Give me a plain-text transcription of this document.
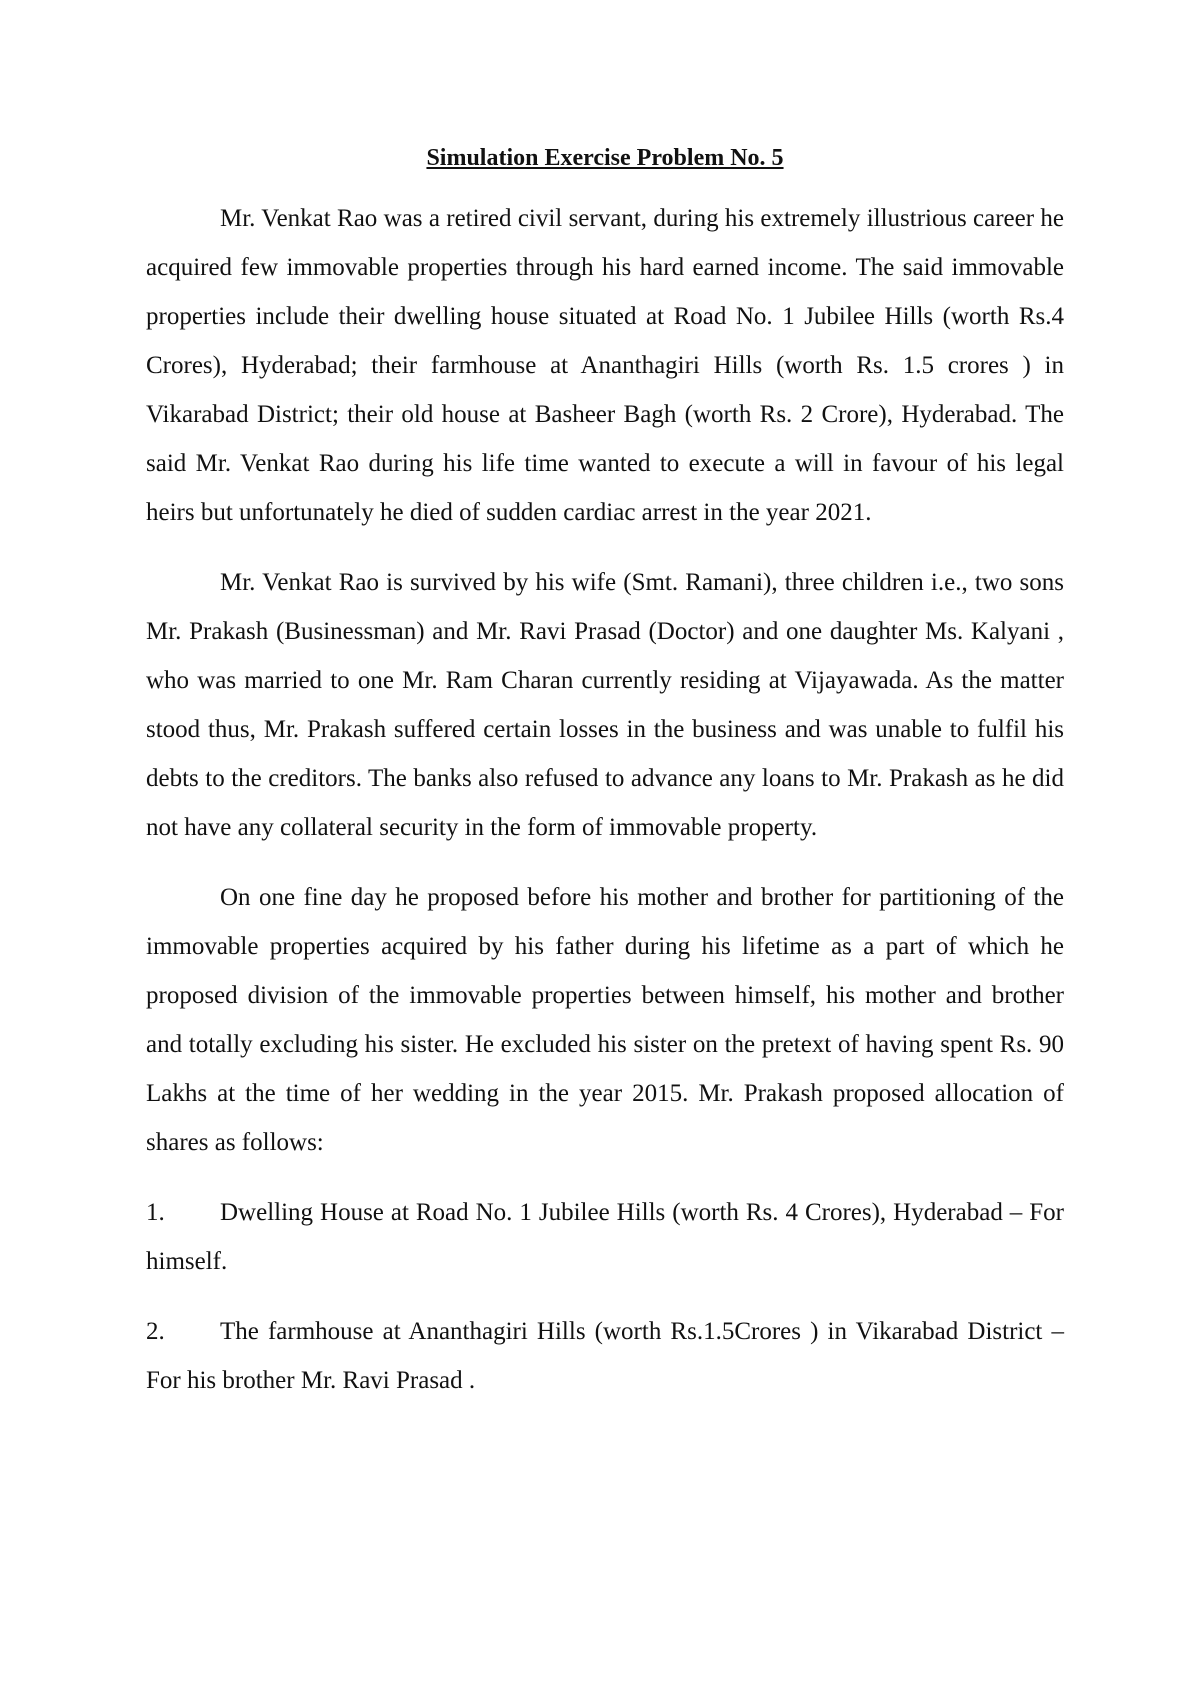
Simulation Exercise Problem No. 5

Mr. Venkat Rao was a retired civil servant, during his extremely illustrious career he acquired few immovable properties through his hard earned income. The said immovable properties include their dwelling house situated at Road No. 1 Jubilee Hills (worth Rs.4 Crores), Hyderabad; their farmhouse at Ananthagiri Hills (worth Rs. 1.5 crores ) in Vikarabad District; their old house at Basheer Bagh (worth Rs. 2 Crore), Hyderabad. The said Mr. Venkat Rao during his life time wanted to execute a will in favour of his legal heirs but unfortunately he died of sudden cardiac arrest in the year 2021.

Mr. Venkat Rao is survived by his wife (Smt. Ramani), three children i.e., two sons Mr. Prakash (Businessman) and Mr. Ravi Prasad (Doctor) and one daughter Ms. Kalyani , who was married to one Mr. Ram Charan currently residing at Vijayawada. As the matter stood thus, Mr. Prakash suffered certain losses in the business and was unable to fulfil his debts to the creditors. The banks also refused to advance any loans to Mr. Prakash as he did not have any collateral security in the form of immovable property.

On one fine day he proposed before his mother and brother for partitioning of the immovable properties acquired by his father during his lifetime as a part of which he proposed division of the immovable properties between himself, his mother and brother and totally excluding his sister. He excluded his sister on the pretext of having spent Rs. 90 Lakhs at the time of her wedding in the year 2015. Mr. Prakash proposed allocation of shares as follows:

1. Dwelling House at Road No. 1 Jubilee Hills (worth Rs. 4 Crores), Hyderabad – For himself.
2. The farmhouse at Ananthagiri Hills (worth Rs.1.5Crores ) in Vikarabad District – For his brother Mr. Ravi Prasad .
